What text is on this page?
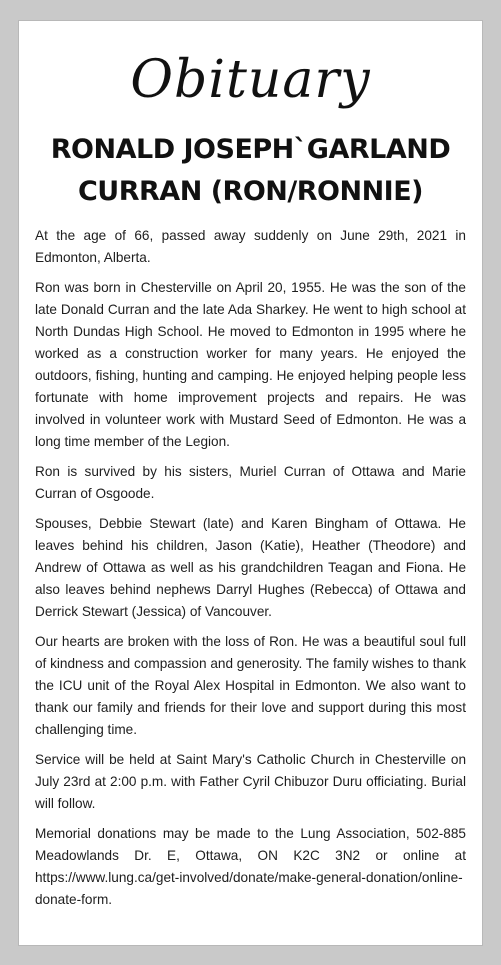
Obituary
RONALD JOSEPH`GARLAND
CURRAN (RON/RONNIE)

At the age of 66, passed away suddenly on June 29th, 2021 in Edmonton, Alberta.

Ron was born in Chesterville on April 20, 1955. He was the son of the late Donald Curran and the late Ada Sharkey. He went to high school at North Dundas High School. He moved to Edmonton in 1995 where he worked as a construction worker for many years. He enjoyed the outdoors, fishing, hunting and camping. He enjoyed helping people less fortunate with home improvement projects and repairs. He was involved in volunteer work with Mustard Seed of Edmonton. He was a long time member of the Legion.

Ron is survived by his sisters, Muriel Curran of Ottawa and Marie Curran of Osgoode.

Spouses, Debbie Stewart (late) and Karen Bingham of Ottawa. He leaves behind his children, Jason (Katie), Heather (Theodore) and Andrew of Ottawa as well as his grandchildren Teagan and Fiona. He also leaves behind nephews Darryl Hughes (Rebecca) of Ottawa and Derrick Stewart (Jessica) of Vancouver.

Our hearts are broken with the loss of Ron. He was a beautiful soul full of kindness and compassion and generosity. The family wishes to thank the ICU unit of the Royal Alex Hospital in Edmonton. We also want to thank our family and friends for their love and support during this most challenging time.

Service will be held at Saint Mary's Catholic Church in Chesterville on July 23rd at 2:00 p.m. with Father Cyril Chibuzor Duru officiating. Burial will follow.

Memorial donations may be made to the Lung Association, 502-885 Meadowlands Dr. E, Ottawa, ON K2C 3N2 or online at https://www.lung.ca/get-involved/donate/make-general-donation/online-donate-form.
